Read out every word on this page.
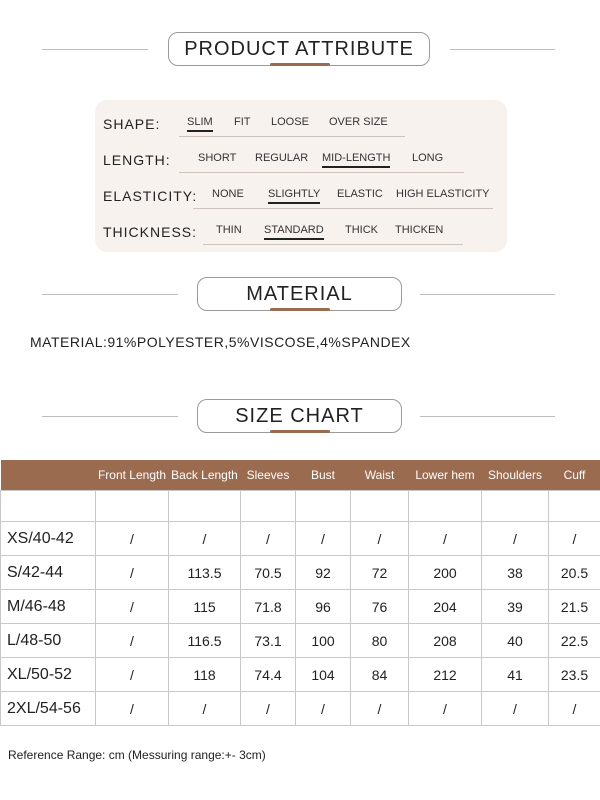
PRODUCT ATTRIBUTE
SHAPE: SLIM FIT LOOSE OVER SIZE
LENGTH: SHORT REGULAR MID-LENGTH LONG
ELASTICITY: NONE SLIGHTLY ELASTIC HIGH ELASTICITY
THICKNESS: THIN STANDARD THICK THICKEN
MATERIAL
MATERIAL:91%POLYESTER,5%VISCOSE,4%SPANDEX
SIZE CHART
	Front Length	Back Length	Sleeves	Bust	Waist	Lower hem	Shoulders	Cuff

XS/40-42	/	/	/	/	/	/	/	/
S/42-44	/	113.5	70.5	92	72	200	38	20.5
M/46-48	/	115	71.8	96	76	204	39	21.5
L/48-50	/	116.5	73.1	100	80	208	40	22.5
XL/50-52	/	118	74.4	104	84	212	41	23.5
2XL/54-56	/	/	/	/	/	/	/	/
Reference Range: cm (Messuring range:+- 3cm)
